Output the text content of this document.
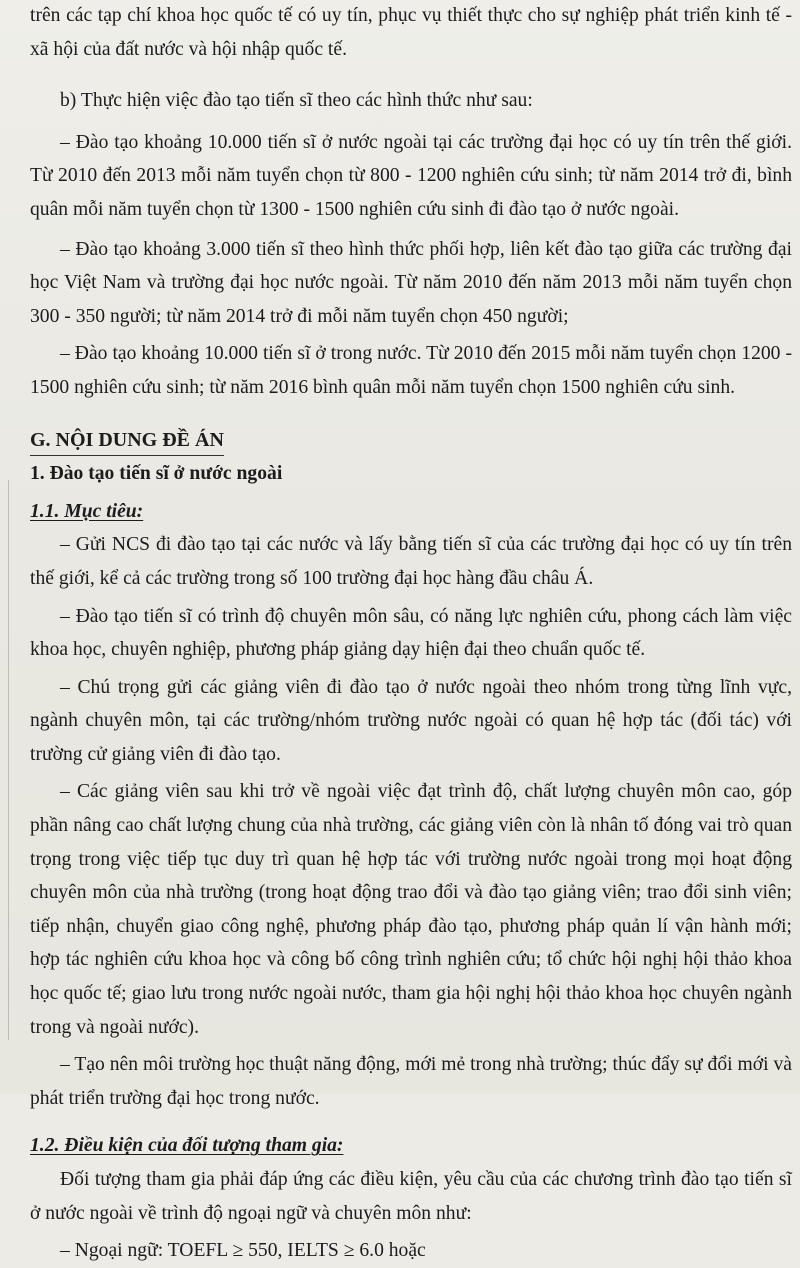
trên các tạp chí khoa học quốc tế có uy tín, phục vụ thiết thực cho sự nghiệp phát triển kinh tế - xã hội của đất nước và hội nhập quốc tế.

b) Thực hiện việc đào tạo tiến sĩ theo các hình thức như sau:

– Đào tạo khoảng 10.000 tiến sĩ ở nước ngoài tại các trường đại học có uy tín trên thế giới. Từ 2010 đến 2013 mỗi năm tuyển chọn từ 800 - 1200 nghiên cứu sinh; từ năm 2014 trở đi, bình quân mỗi năm tuyển chọn từ 1300 - 1500 nghiên cứu sinh đi đào tạo ở nước ngoài.

– Đào tạo khoảng 3.000 tiến sĩ theo hình thức phối hợp, liên kết đào tạo giữa các trường đại học Việt Nam và trường đại học nước ngoài. Từ năm 2010 đến năm 2013 mỗi năm tuyển chọn 300 - 350 người; từ năm 2014 trở đi mỗi năm tuyển chọn 450 người;

– Đào tạo khoảng 10.000 tiến sĩ ở trong nước. Từ 2010 đến 2015 mỗi năm tuyển chọn 1200 - 1500 nghiên cứu sinh; từ năm 2016 bình quân mỗi năm tuyển chọn 1500 nghiên cứu sinh.

G. NỘI DUNG ĐỀ ÁN

1. Đào tạo tiến sĩ ở nước ngoài

1.1. Mục tiêu:

– Gửi NCS đi đào tạo tại các nước và lấy bằng tiến sĩ của các trường đại học có uy tín trên thế giới, kể cả các trường trong số 100 trường đại học hàng đầu châu Á.

– Đào tạo tiến sĩ có trình độ chuyên môn sâu, có năng lực nghiên cứu, phong cách làm việc khoa học, chuyên nghiệp, phương pháp giảng dạy hiện đại theo chuẩn quốc tế.

– Chú trọng gửi các giảng viên đi đào tạo ở nước ngoài theo nhóm trong từng lĩnh vực, ngành chuyên môn, tại các trường/nhóm trường nước ngoài có quan hệ hợp tác (đối tác) với trường cử giảng viên đi đào tạo.

– Các giảng viên sau khi trở về ngoài việc đạt trình độ, chất lượng chuyên môn cao, góp phần nâng cao chất lượng chung của nhà trường, các giảng viên còn là nhân tố đóng vai trò quan trọng trong việc tiếp tục duy trì quan hệ hợp tác với trường nước ngoài trong mọi hoạt động chuyên môn của nhà trường (trong hoạt động trao đổi và đào tạo giảng viên; trao đổi sinh viên; tiếp nhận, chuyển giao công nghệ, phương pháp đào tạo, phương pháp quản lí vận hành mới; hợp tác nghiên cứu khoa học và công bố công trình nghiên cứu; tổ chức hội nghị hội thảo khoa học quốc tế; giao lưu trong nước ngoài nước, tham gia hội nghị hội thảo khoa học chuyên ngành trong và ngoài nước).

– Tạo nên môi trường học thuật năng động, mới mẻ trong nhà trường; thúc đẩy sự đổi mới và phát triển trường đại học trong nước.

1.2. Điều kiện của đối tượng tham gia:

Đối tượng tham gia phải đáp ứng các điều kiện, yêu cầu của các chương trình đào tạo tiến sĩ ở nước ngoài về trình độ ngoại ngữ và chuyên môn như:

– Ngoại ngữ: TOEFL ≥ 550, IELTS ≥ 6.0 hoặc
